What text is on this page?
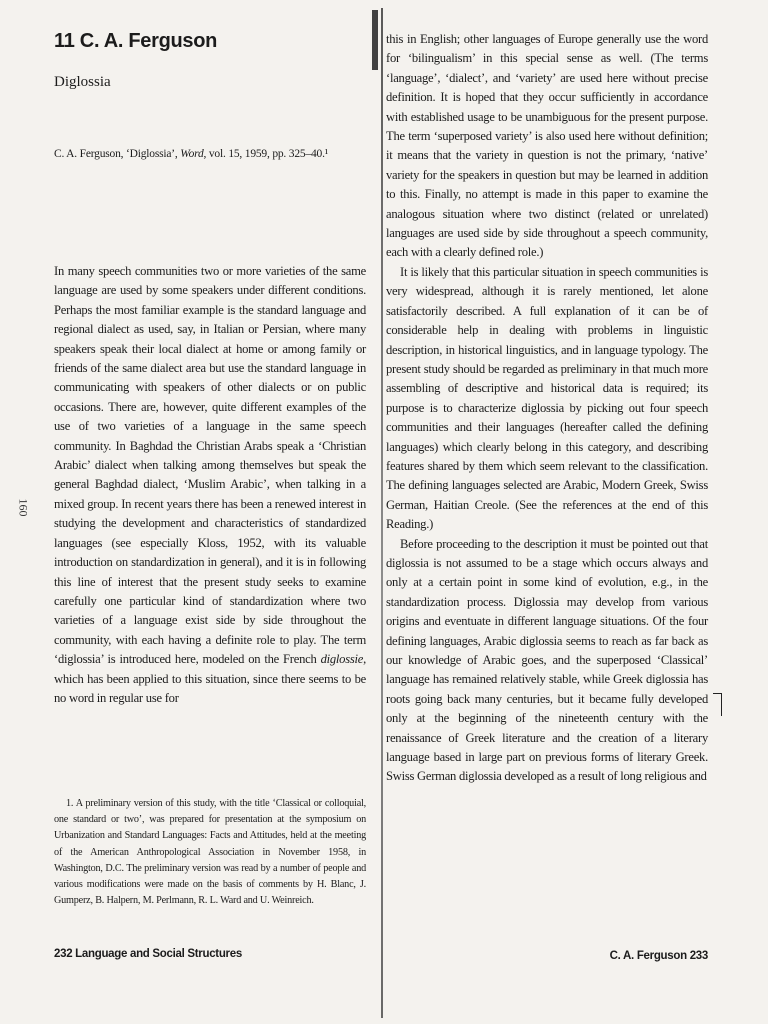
160
11 C. A. Ferguson
Diglossia
C. A. Ferguson, ‘Diglossia’, Word, vol. 15, 1959, pp. 325–40.¹

In many speech communities two or more varieties of the same language are used by some speakers under different conditions. Perhaps the most familiar example is the standard language and regional dialect as used, say, in Italian or Persian, where many speakers speak their local dialect at home or among family or friends of the same dialect area but use the standard language in communicating with speakers of other dialects or on public occasions. There are, however, quite different examples of the use of two varieties of a language in the same speech community. In Baghdad the Christian Arabs speak a ‘Christian Arabic’ dialect when talking among themselves but speak the general Baghdad dialect, ‘Muslim Arabic’, when talking in a mixed group. In recent years there has been a renewed interest in studying the development and characteristics of standardized languages (see especially Kloss, 1952, with its valuable introduction on standardization in general), and it is in following this line of interest that the present study seeks to examine carefully one particular kind of standardization where two varieties of a language exist side by side throughout the community, with each having a definite role to play. The term ‘diglossia’ is introduced here, modeled on the French diglossie, which has been applied to this situation, since there seems to be no word in regular use for

1. A preliminary version of this study, with the title ‘Classical or colloquial, one standard or two’, was prepared for presentation at the symposium on Urbanization and Standard Languages: Facts and Attitudes, held at the meeting of the American Anthropological Association in November 1958, in Washington, D.C. The preliminary version was read by a number of people and various modifications were made on the basis of comments by H. Blanc, J. Gumperz, B. Halpern, M. Perlmann, R. L. Ward and U. Weinreich.

232 Language and Social Structures

this in English; other languages of Europe generally use the word for ‘bilingualism’ in this special sense as well. (The terms ‘language’, ‘dialect’, and ‘variety’ are used here without precise definition. It is hoped that they occur sufficiently in accordance with established usage to be unambiguous for the present purpose. The term ‘superposed variety’ is also used here without definition; it means that the variety in question is not the primary, ‘native’ variety for the speakers in question but may be learned in addition to this. Finally, no attempt is made in this paper to examine the analogous situation where two distinct (related or unrelated) languages are used side by side throughout a speech community, each with a clearly defined role.)

It is likely that this particular situation in speech communities is very widespread, although it is rarely mentioned, let alone satisfactorily described. A full explanation of it can be of considerable help in dealing with problems in linguistic description, in historical linguistics, and in language typology. The present study should be regarded as preliminary in that much more assembling of descriptive and historical data is required; its purpose is to characterize diglossia by picking out four speech communities and their languages (hereafter called the defining languages) which clearly belong in this category, and describing features shared by them which seem relevant to the classification. The defining languages selected are Arabic, Modern Greek, Swiss German, Haitian Creole. (See the references at the end of this Reading.)

Before proceeding to the description it must be pointed out that diglossia is not assumed to be a stage which occurs always and only at a certain point in some kind of evolution, e.g., in the standardization process. Diglossia may develop from various origins and eventuate in different language situations. Of the four defining languages, Arabic diglossia seems to reach as far back as our knowledge of Arabic goes, and the superposed ‘Classical’ language has remained relatively stable, while Greek diglossia has roots going back many centuries, but it became fully developed only at the beginning of the nineteenth century with the renaissance of Greek literature and the creation of a literary language based in large part on previous forms of literary Greek. Swiss German diglossia developed as a result of long religious and

C. A. Ferguson 233
